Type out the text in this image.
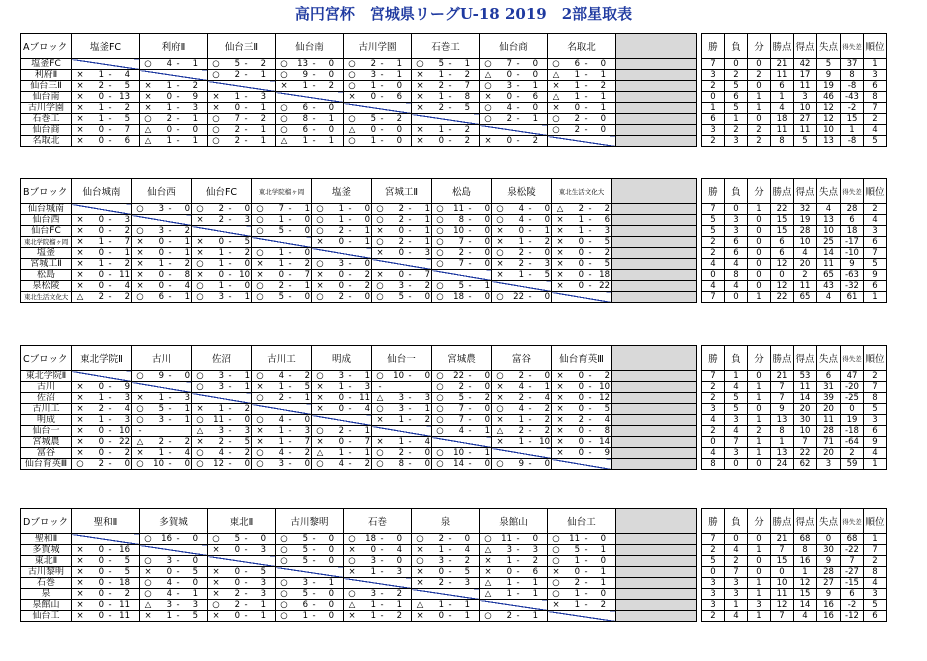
高円宮杯　宮城県リーグU-18 2019　2部星取表
Aブロック	塩釜FC	利府Ⅱ	仙台三Ⅱ	仙台南	古川学園	石巻工	仙台商	名取北			勝	負	分	勝点	得点	失点	得失差	順位
塩釜FC		○ 4 - 1	○ 5 - 2	○ 13 - 0	○ 2 - 1	○ 5 - 1	○ 7 - 0	○ 6 - 0			7	0	0	21	42	5	37	1
利府Ⅱ	× 1 - 4		○ 2 - 1	○ 9 - 0	○ 3 - 1	× 1 - 2	△ 0 - 0	△ 1 - 1			3	2	2	11	17	9	8	3
仙台三Ⅱ	× 2 - 5	× 1 - 2		× 1 - 2	○ 1 - 0	× 2 - 7	○ 3 - 1	× 1 - 2			2	5	0	6	11	19	-8	6
仙台南	× 0 - 13	× 0 - 9	× 1 - 3		× 0 - 6	× 1 - 8	× 0 - 6	△ 1 - 1			0	6	1	1	3	46	-43	8
古川学園	× 1 - 2	× 1 - 3	× 0 - 1	○ 6 - 0		× 2 - 5	○ 4 - 0	× 0 - 1			1	5	1	4	10	12	-2	7
石巻工	× 1 - 5	○ 2 - 1	○ 7 - 2	○ 8 - 1	○ 5 - 2		○ 2 - 1	○ 2 - 0			6	1	0	18	27	12	15	2
仙台商	× 0 - 7	△ 0 - 0	○ 2 - 1	○ 6 - 0	△ 0 - 0	× 1 - 2		○ 2 - 0			3	2	2	11	11	10	1	4
名取北	× 0 - 6	△ 1 - 1	○ 2 - 1	△ 1 - 1	○ 1 - 0	× 0 - 2	× 0 - 2				2	3	2	8	5	13	-8	5
Bブロック	仙台城南	仙台西	仙台FC	東北学院榴ヶ岡	塩釜	宮城工Ⅱ	松島	泉松陵	東北生活文化大			勝	負	分	勝点	得点	失点	得失差	順位
仙台城南		○ 3 - 0	○ 2 - 0	○ 7 - 1	○ 1 - 0	○ 2 - 1	○ 11 - 0	○ 4 - 0	△ 2 - 2			7	0	1	22	32	4	28	2
仙台西	× 0 - 3		× 2 - 3	○ 1 - 0	○ 1 - 0	○ 2 - 1	○ 8 - 0	○ 4 - 0	× 1 - 6			5	3	0	15	19	13	6	4
仙台FC	× 0 - 2	○ 3 - 2		○ 5 - 0	○ 2 - 1	× 0 - 1	○ 10 - 0	× 0 - 1	× 1 - 3			5	3	0	15	28	10	18	3
東北学院榴ヶ岡	× 1 - 7	× 0 - 1	× 0 - 5		× 0 - 1	○ 2 - 1	○ 7 - 0	× 1 - 2	× 0 - 5			2	6	0	6	10	25	-17	6
塩釜	× 0 - 1	× 0 - 1	× 1 - 2	○ 1 - 0		× 0 - 3	○ 2 - 0	○ 2 - 0	× 0 - 2			2	6	0	6	4	14	-10	7
宮城工Ⅱ	× 1 - 2	× 1 - 2	○ 1 - 0	× 1 - 2	○ 3 - 0		○ 7 - 0	× 2 - 3	× 0 - 5			4	4	0	12	20	11	9	5
松島	× 0 - 11	× 0 - 8	× 0 - 10	× 0 - 7	× 0 - 2	× 0 - 7		× 1 - 5	× 0 - 18			0	8	0	0	2	65	-63	9
泉松陵	× 0 - 4	× 0 - 4	○ 1 - 0	○ 2 - 1	× 0 - 2	○ 3 - 2	○ 5 - 1		× 0 - 22			4	4	0	12	11	43	-32	6
東北生活文化大	△ 2 - 2	○ 6 - 1	○ 3 - 1	○ 5 - 0	○ 2 - 0	○ 5 - 0	○ 18 - 0	○ 22 - 0				7	0	1	22	65	4	61	1
Cブロック	東北学院Ⅱ	古川	佐沼	古川工	明成	仙台一	宮城農	富谷	仙台育英Ⅲ			勝	負	分	勝点	得点	失点	得失差	順位
東北学院Ⅱ		○ 9 - 0	○ 3 - 1	○ 4 - 2	○ 3 - 1	○ 10 - 0	○ 22 - 0	○ 2 - 0	× 0 - 2			7	1	0	21	53	6	47	2
古川	× 0 - 9		○ 3 - 1	× 1 - 5	× 1 - 3	-	○ 2 - 0	× 4 - 1	× 0 - 10			2	4	1	7	11	31	-20	7
佐沼	× 1 - 3	× 1 - 3		○ 2 - 1	× 0 - 11	△ 3 - 3	○ 5 - 2	× 2 - 4	× 0 - 12			2	5	1	7	14	39	-25	8
古川工	× 2 - 4	○ 5 - 1	× 1 - 2		× 0 - 4	○ 3 - 1	○ 7 - 0	○ 4 - 2	× 0 - 5			3	5	0	9	20	20	0	5
明成	× 1 - 3	○ 3 - 1	○ 11 - 0	○ 4 - 0		× 1 - 2	○ 7 - 0	× 1 - 2	× 2 - 4			4	3	1	13	30	11	19	3
仙台一	× 0 - 10	-	△ 3 - 3	× 1 - 3	○ 2 - 1		○ 4 - 1	△ 2 - 2	× 0 - 8			2	4	2	8	10	28	-18	6
宮城農	× 0 - 22	△ 2 - 2	× 2 - 5	× 1 - 7	× 0 - 7	× 1 - 4		× 1 - 10	× 0 - 14			0	7	1	1	7	71	-64	9
富谷	× 0 - 2	× 1 - 4	○ 4 - 2	○ 4 - 2	△ 1 - 1	○ 2 - 0	○ 10 - 1		× 0 - 9			4	3	1	13	22	20	2	4
仙台育英Ⅲ	○ 2 - 0	○ 10 - 0	○ 12 - 0	○ 3 - 0	○ 4 - 2	○ 8 - 0	○ 14 - 0	○ 9 - 0				8	0	0	24	62	3	59	1
Dブロック	聖和Ⅱ	多賀城	東北Ⅱ	古川黎明	石巻	泉	泉館山	仙台工			勝	負	分	勝点	得点	失点	得失差	順位
聖和Ⅱ		○ 16 - 0	○ 5 - 0	○ 5 - 0	○ 18 - 0	○ 2 - 0	○ 11 - 0	○ 11 - 0			7	0	0	21	68	0	68	1
多賀城	× 0 - 16		× 0 - 3	○ 5 - 0	× 0 - 4	× 1 - 4	△ 3 - 3	○ 5 - 1			2	4	1	7	8	30	-22	7
東北Ⅱ	× 0 - 5	○ 3 - 0		○ 5 - 0	○ 3 - 0	○ 3 - 2	× 1 - 2	○ 1 - 0			5	2	0	15	16	9	7	2
古川黎明	× 0 - 5	× 0 - 5	× 0 - 5		× 1 - 3	× 0 - 5	× 0 - 6	× 0 - 1			0	7	0	0	1	28	-27	8
石巻	× 0 - 18	○ 4 - 0	× 0 - 3	○ 3 - 1		× 2 - 3	△ 1 - 1	○ 2 - 1			3	3	1	10	12	27	-15	4
泉	× 0 - 2	○ 4 - 1	× 2 - 3	○ 5 - 0	○ 3 - 2		△ 1 - 1	○ 1 - 0			3	3	1	11	15	9	6	3
泉館山	× 0 - 11	△ 3 - 3	○ 2 - 1	○ 6 - 0	△ 1 - 1	△ 1 - 1		× 1 - 2			3	1	3	12	14	16	-2	5
仙台工	× 0 - 11	× 1 - 5	× 0 - 1	○ 1 - 0	× 1 - 2	× 0 - 1	○ 2 - 1				2	4	1	7	4	16	-12	6
